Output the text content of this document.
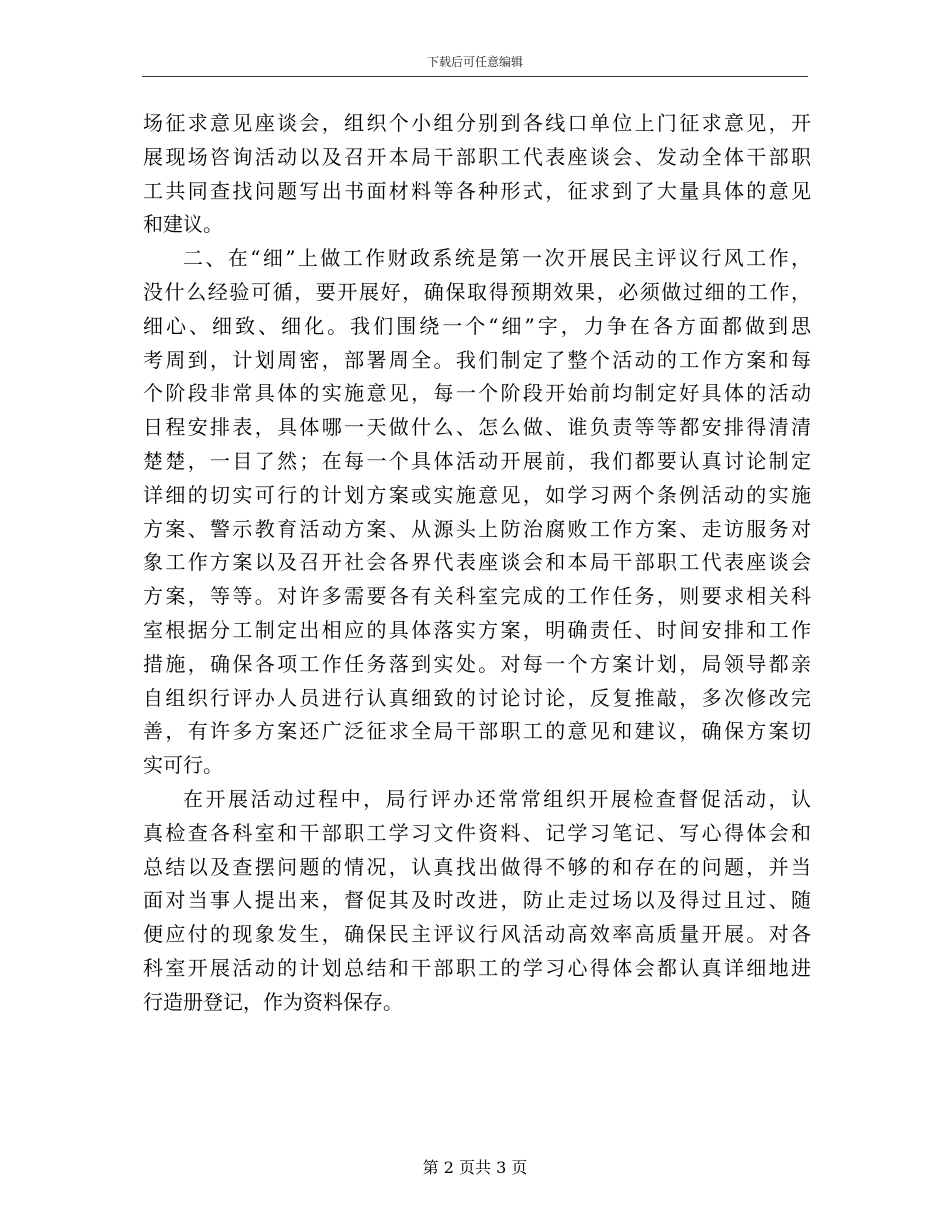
下载后可任意编辑
场征求意见座谈会，组织个小组分别到各线口单位上门征求意见，开
展现场咨询活动以及召开本局干部职工代表座谈会、发动全体干部职
工共同查找问题写出书面材料等各种形式，征求到了大量具体的意见
和建议。
二、在“细”上做工作财政系统是第一次开展民主评议行风工作，
没什么经验可循，要开展好，确保取得预期效果，必须做过细的工作，
细心、细致、细化。我们围绕一个“细”字，力争在各方面都做到思
考周到，计划周密，部署周全。我们制定了整个活动的工作方案和每
个阶段非常具体的实施意见，每一个阶段开始前均制定好具体的活动
日程安排表，具体哪一天做什么、怎么做、谁负责等等都安排得清清
楚楚，一目了然；在每一个具体活动开展前，我们都要认真讨论制定
详细的切实可行的计划方案或实施意见，如学习两个条例活动的实施
方案、警示教育活动方案、从源头上防治腐败工作方案、走访服务对
象工作方案以及召开社会各界代表座谈会和本局干部职工代表座谈会
方案，等等。对许多需要各有关科室完成的工作任务，则要求相关科
室根据分工制定出相应的具体落实方案，明确责任、时间安排和工作
措施，确保各项工作任务落到实处。对每一个方案计划，局领导都亲
自组织行评办人员进行认真细致的讨论讨论，反复推敲，多次修改完
善，有许多方案还广泛征求全局干部职工的意见和建议，确保方案切
实可行。
在开展活动过程中，局行评办还常常组织开展检查督促活动，认
真检查各科室和干部职工学习文件资料、记学习笔记、写心得体会和
总结以及查摆问题的情况，认真找出做得不够的和存在的问题，并当
面对当事人提出来，督促其及时改进，防止走过场以及得过且过、随
便应付的现象发生，确保民主评议行风活动高效率高质量开展。对各
科室开展活动的计划总结和干部职工的学习心得体会都认真详细地进
行造册登记，作为资料保存。
第 2 页共 3 页
